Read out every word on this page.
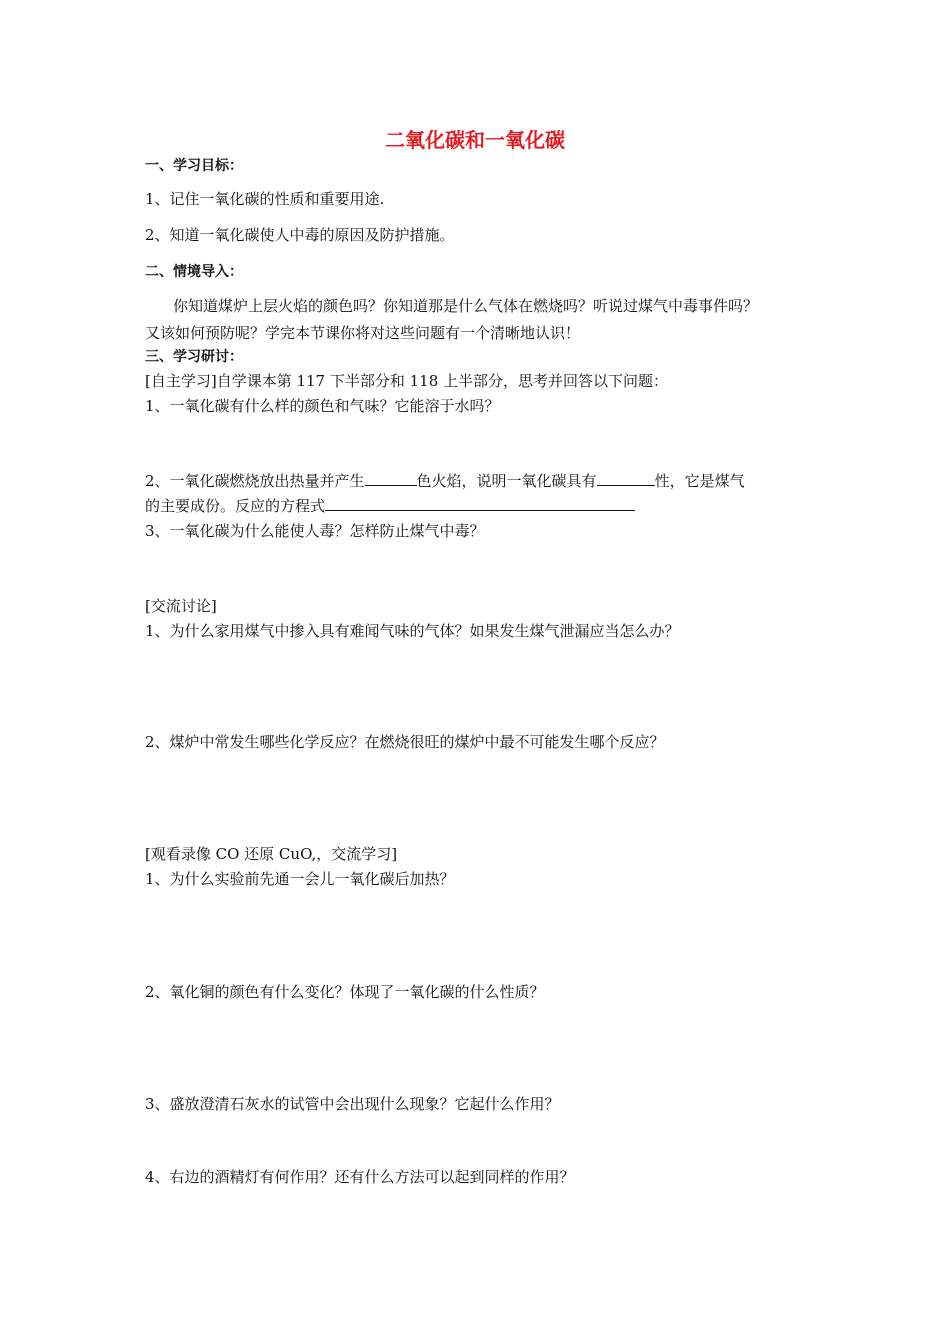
二氧化碳和一氧化碳
一、学习目标：
1、记住一氧化碳的性质和重要用途.
2、知道一氧化碳使人中毒的原因及防护措施。
二、情境导入：
你知道煤炉上层火焰的颜色吗？你知道那是什么气体在燃烧吗？听说过煤气中毒事件吗？
又该如何预防呢？学完本节课你将对这些问题有一个清晰地认识！
三、学习研讨：
[自主学习]自学课本第 117 下半部分和 118 上半部分，思考并回答以下问题：
1、一氧化碳有什么样的颜色和气味？它能溶于水吗？
2、一氧化碳燃烧放出热量并产生	色火焰，说明一氧化碳具有	性，它是煤气
的主要成份。反应的方程式
3、一氧化碳为什么能使人毒？怎样防止煤气中毒？
[交流讨论]
1、为什么家用煤气中掺入具有难闻气味的气体？如果发生煤气泄漏应当怎么办？
2、煤炉中常发生哪些化学反应？在燃烧很旺的煤炉中最不可能发生哪个反应？
[观看录像 CO 还原 CuO,，交流学习]
1、为什么实验前先通一会儿一氧化碳后加热？
2、氧化铜的颜色有什么变化？体现了一氧化碳的什么性质？
3、盛放澄清石灰水的试管中会出现什么现象？它起什么作用？
4、右边的酒精灯有何作用？还有什么方法可以起到同样的作用？
